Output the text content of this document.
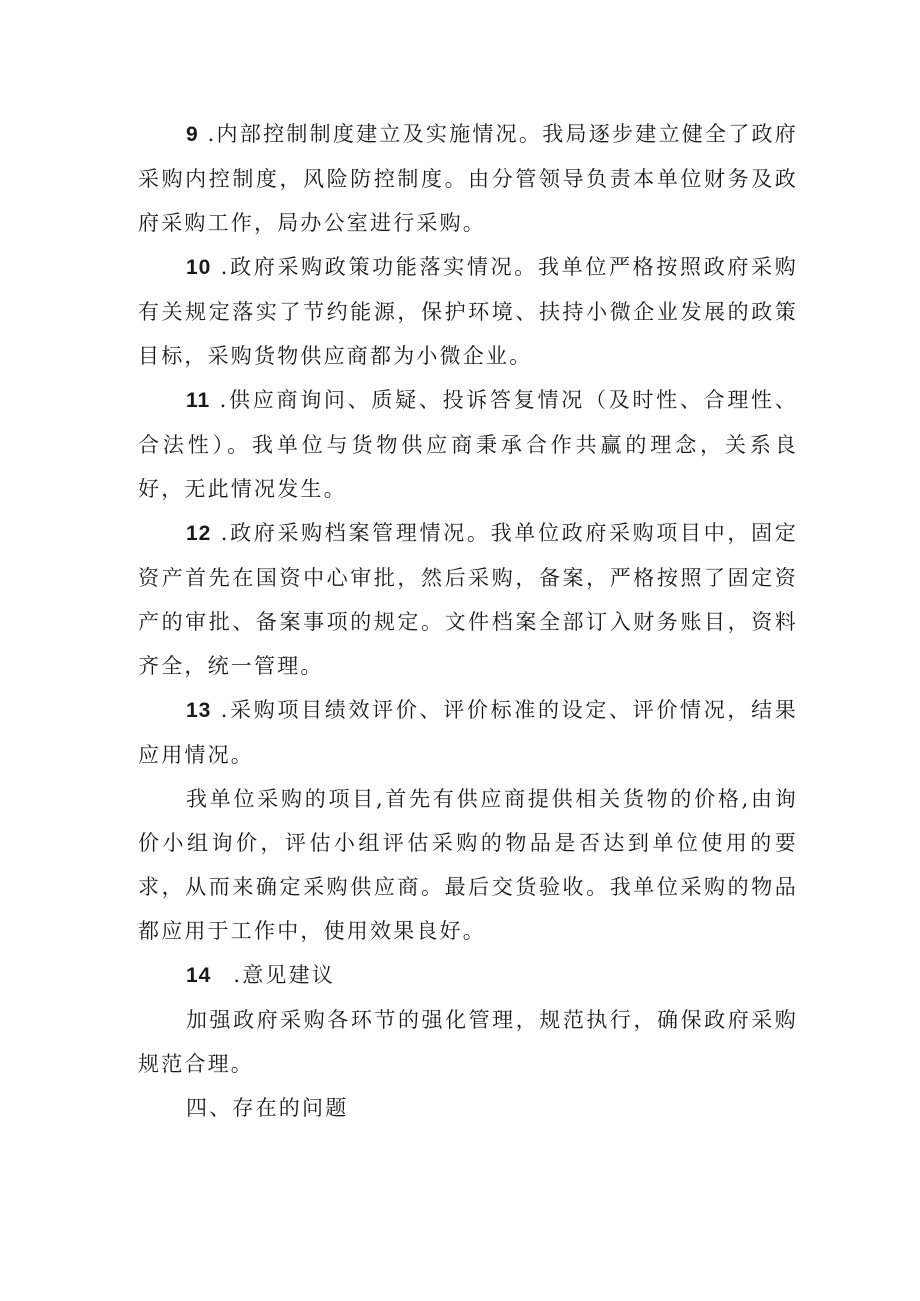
9 .内部控制制度建立及实施情况。我局逐步建立健全了政府采购内控制度，风险防控制度。由分管领导负责本单位财务及政府采购工作，局办公室进行采购。

10 .政府采购政策功能落实情况。我单位严格按照政府采购有关规定落实了节约能源，保护环境、扶持小微企业发展的政策目标，采购货物供应商都为小微企业。

11 .供应商询问、质疑、投诉答复情况（及时性、合理性、合法性）。我单位与货物供应商秉承合作共赢的理念，关系良好，无此情况发生。

12 .政府采购档案管理情况。我单位政府采购项目中，固定资产首先在国资中心审批，然后采购，备案，严格按照了固定资产的审批、备案事项的规定。文件档案全部订入财务账目，资料齐全，统一管理。

13 .采购项目绩效评价、评价标准的设定、评价情况，结果应用情况。

我单位采购的项目,首先有供应商提供相关货物的价格,由询价小组询价，评估小组评估采购的物品是否达到单位使用的要求，从而来确定采购供应商。最后交货验收。我单位采购的物品都应用于工作中，使用效果良好。

14 .意见建议

加强政府采购各环节的强化管理，规范执行，确保政府采购规范合理。

四、存在的问题
